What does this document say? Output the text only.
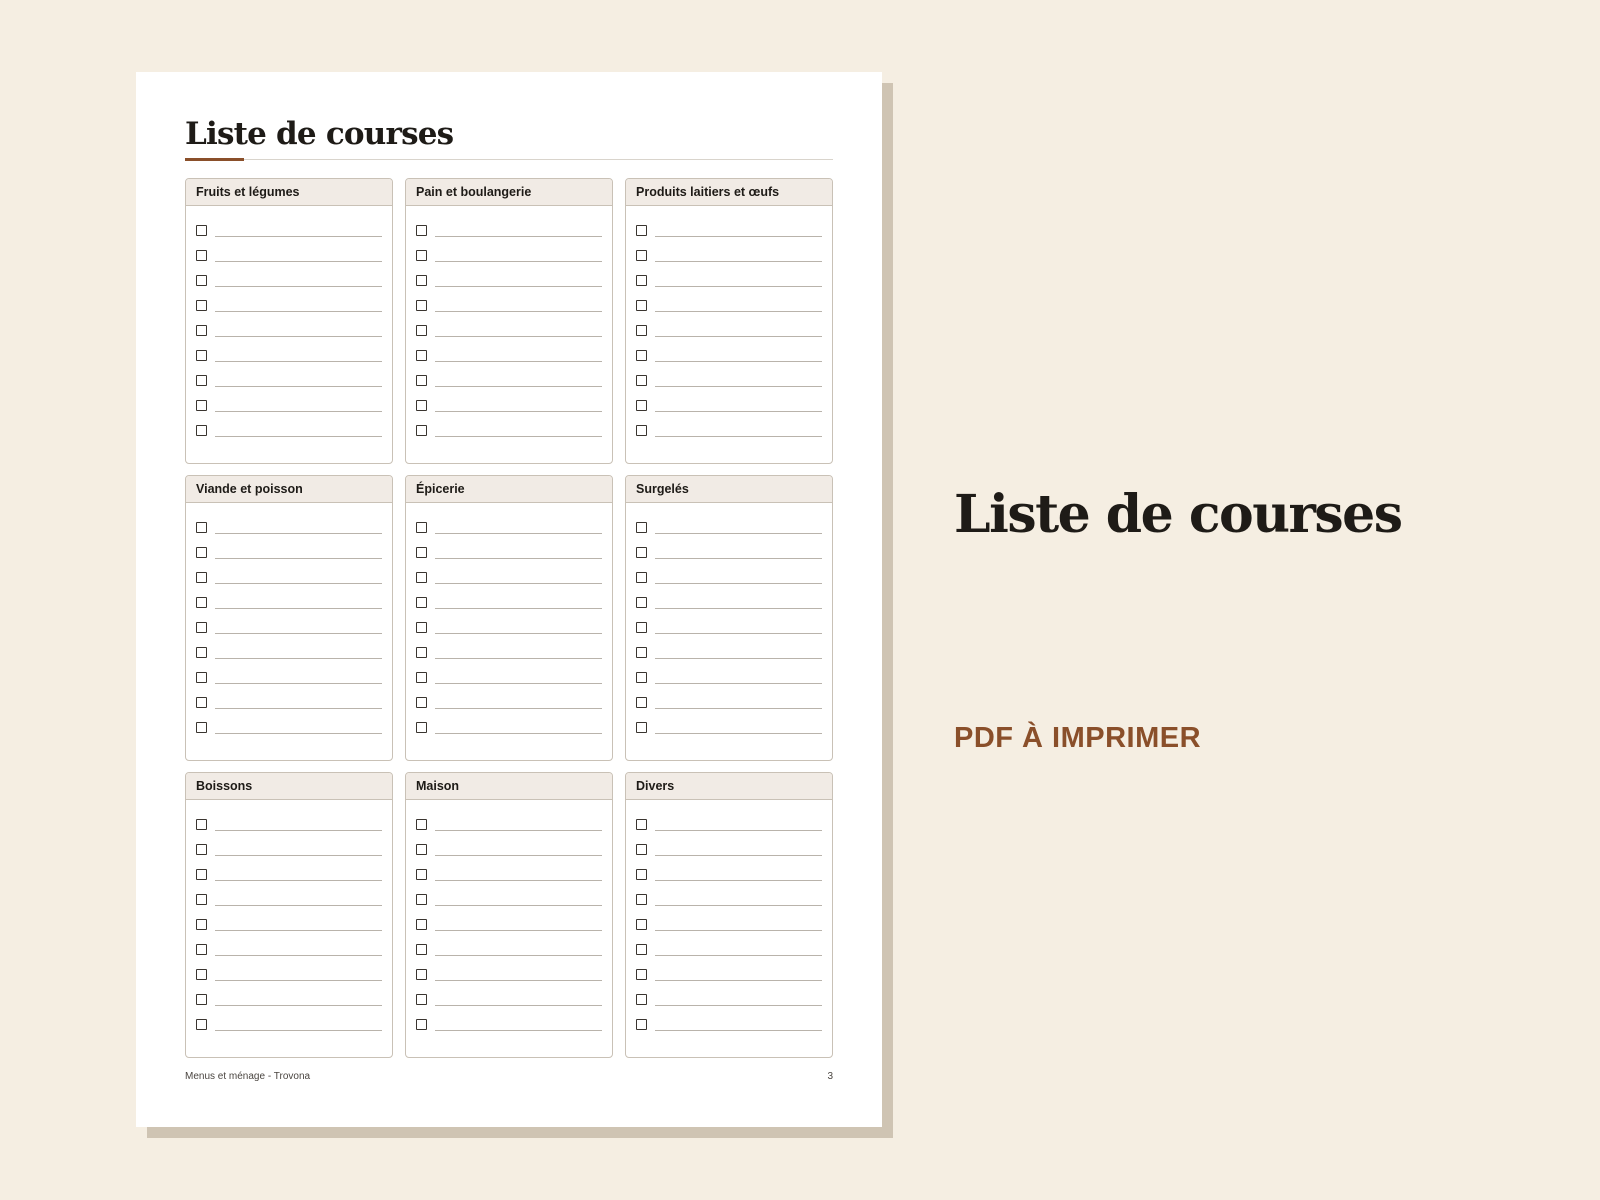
Liste de courses
Fruits et légumes	Pain et boulangerie	Produits laitiers et œufs
Viande et poisson	Épicerie	Surgelés
Boissons	Maison	Divers
Menus et ménage - Trovona	3
Liste de courses
PDF À IMPRIMER
